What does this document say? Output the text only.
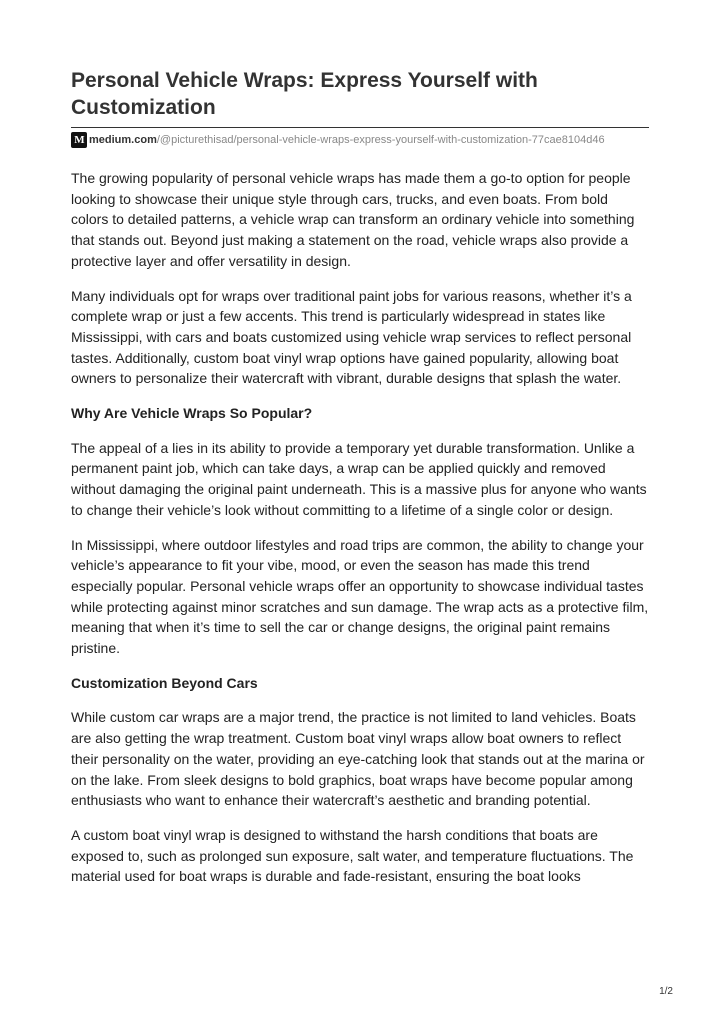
Personal Vehicle Wraps: Express Yourself with Customization
M medium.com /@picturethisad/personal-vehicle-wraps-express-yourself-with-customization-77cae8104d46

The growing popularity of personal vehicle wraps has made them a go-to option for people looking to showcase their unique style through cars, trucks, and even boats. From bold colors to detailed patterns, a vehicle wrap can transform an ordinary vehicle into something that stands out. Beyond just making a statement on the road, vehicle wraps also provide a protective layer and offer versatility in design.

Many individuals opt for wraps over traditional paint jobs for various reasons, whether it’s a complete wrap or just a few accents. This trend is particularly widespread in states like Mississippi, with cars and boats customized using vehicle wrap services to reflect personal tastes. Additionally, custom boat vinyl wrap options have gained popularity, allowing boat owners to personalize their watercraft with vibrant, durable designs that splash the water.

Why Are Vehicle Wraps So Popular?

The appeal of a lies in its ability to provide a temporary yet durable transformation. Unlike a permanent paint job, which can take days, a wrap can be applied quickly and removed without damaging the original paint underneath. This is a massive plus for anyone who wants to change their vehicle’s look without committing to a lifetime of a single color or design.

In Mississippi, where outdoor lifestyles and road trips are common, the ability to change your vehicle’s appearance to fit your vibe, mood, or even the season has made this trend especially popular. Personal vehicle wraps offer an opportunity to showcase individual tastes while protecting against minor scratches and sun damage. The wrap acts as a protective film, meaning that when it’s time to sell the car or change designs, the original paint remains pristine.

Customization Beyond Cars

While custom car wraps are a major trend, the practice is not limited to land vehicles. Boats are also getting the wrap treatment. Custom boat vinyl wraps allow boat owners to reflect their personality on the water, providing an eye-catching look that stands out at the marina or on the lake. From sleek designs to bold graphics, boat wraps have become popular among enthusiasts who want to enhance their watercraft’s aesthetic and branding potential.

A custom boat vinyl wrap is designed to withstand the harsh conditions that boats are exposed to, such as prolonged sun exposure, salt water, and temperature fluctuations. The material used for boat wraps is durable and fade-resistant, ensuring the boat looks

1/2
